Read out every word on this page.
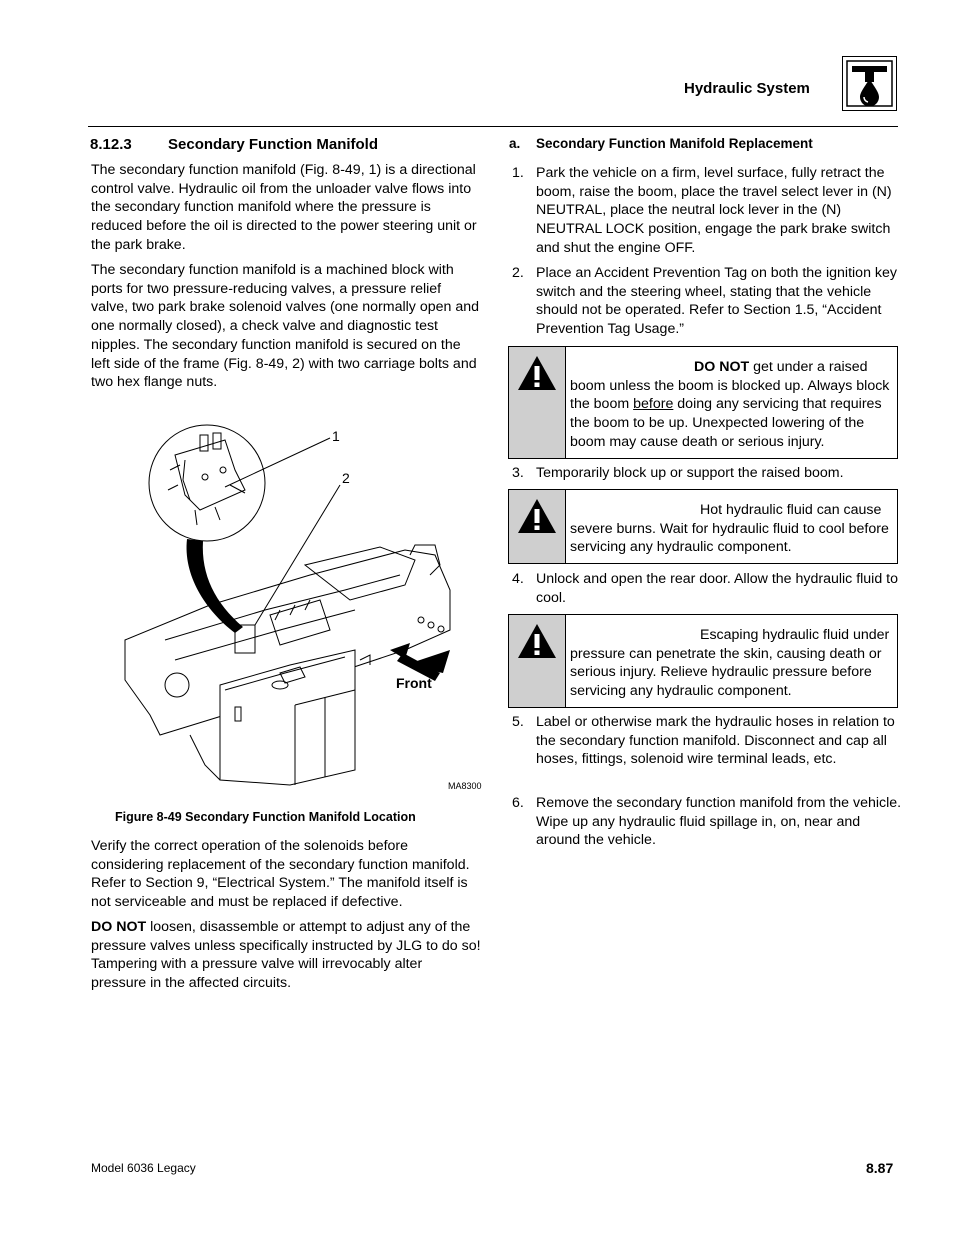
Hydraulic System
8.12.3 Secondary Function Manifold
The secondary function manifold (Fig. 8-49, 1) is a directional control valve. Hydraulic oil from the unloader valve flows into the secondary function manifold where the pressure is reduced before the oil is directed to the power steering unit or the park brake.
The secondary function manifold is a machined block with ports for two pressure-reducing valves, a pressure relief valve, two park brake solenoid valves (one normally open and one normally closed), a check valve and diagnostic test nipples. The secondary function manifold is secured on the left side of the frame (Fig. 8-49, 2) with two carriage bolts and two hex flange nuts.
1
2
Front
MA8300
Figure 8-49 Secondary Function Manifold Location
Verify the correct operation of the solenoids before considering replacement of the secondary function manifold. Refer to Section 9, “Electrical System.” The manifold itself is not serviceable and must be replaced if defective.
DO NOT loosen, disassemble or attempt to adjust any of the pressure valves unless specifically instructed by JLG to do so! Tampering with a pressure valve will irrevocably alter pressure in the affected circuits.
a. Secondary Function Manifold Replacement
1. Park the vehicle on a firm, level surface, fully retract the boom, raise the boom, place the travel select lever in (N) NEUTRAL, place the neutral lock lever in the (N) NEUTRAL LOCK position, engage the park brake switch and shut the engine OFF.
2. Place an Accident Prevention Tag on both the ignition key switch and the steering wheel, stating that the vehicle should not be operated. Refer to Section 1.5, “Accident Prevention Tag Usage.”
DO NOT get under a raised boom unless the boom is blocked up. Always block the boom before doing any servicing that requires the boom to be up. Unexpected lowering of the boom may cause death or serious injury.
3. Temporarily block up or support the raised boom.
Hot hydraulic fluid can cause severe burns. Wait for hydraulic fluid to cool before servicing any hydraulic component.
4. Unlock and open the rear door. Allow the hydraulic fluid to cool.
Escaping hydraulic fluid under pressure can penetrate the skin, causing death or serious injury. Relieve hydraulic pressure before servicing any hydraulic component.
5. Label or otherwise mark the hydraulic hoses in relation to the secondary function manifold. Disconnect and cap all hoses, fittings, solenoid wire terminal leads, etc.
6. Remove the secondary function manifold from the vehicle. Wipe up any hydraulic fluid spillage in, on, near and around the vehicle.
Model 6036 Legacy	8.87
